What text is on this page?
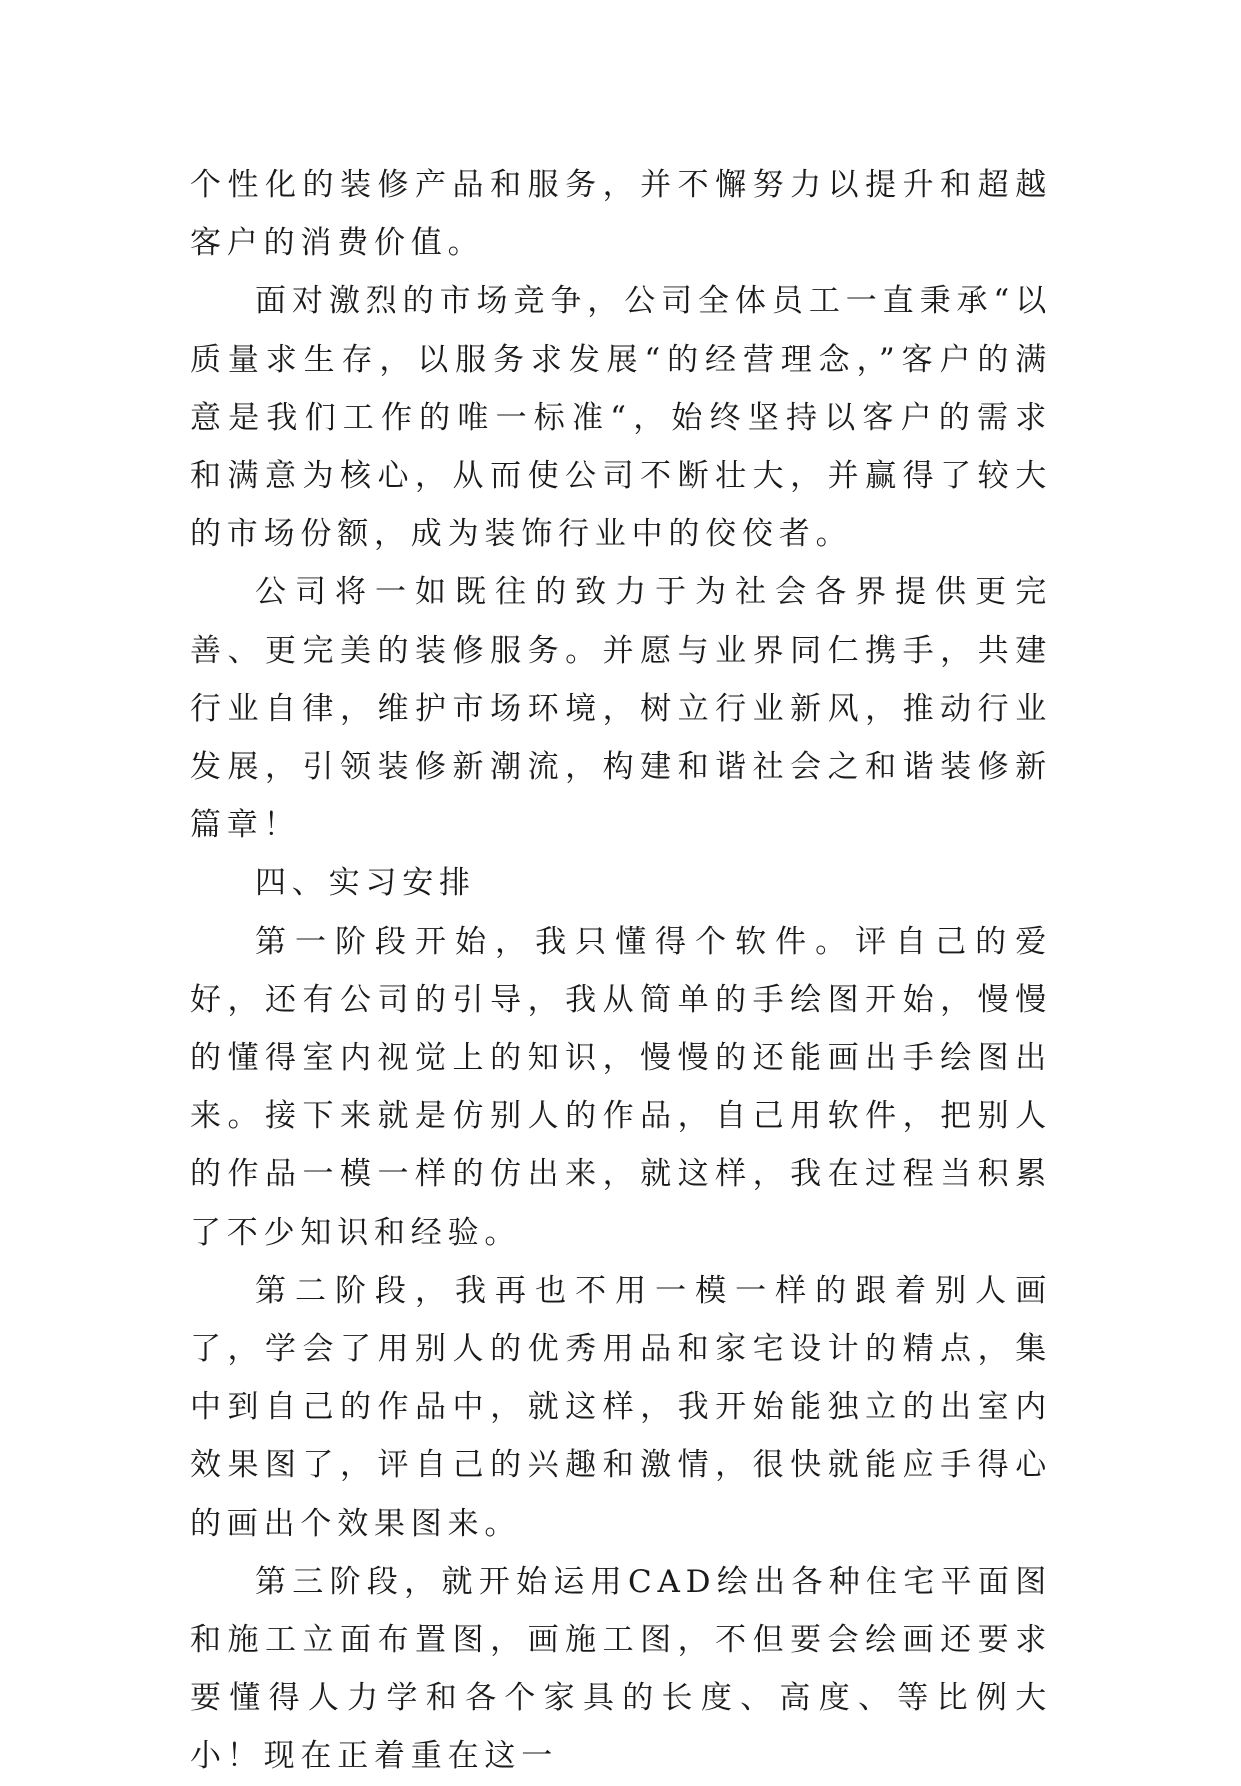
个性化的装修产品和服务，并不懈努力以提升和超越客户的消费价值。

面对激烈的市场竞争，公司全体员工一直秉承“以质量求生存，以服务求发展“的经营理念，”客户的满意是我们工作的唯一标准“，始终坚持以客户的需求和满意为核心，从而使公司不断壮大，并赢得了较大的市场份额，成为装饰行业中的佼佼者。

公司将一如既往的致力于为社会各界提供更完善、更完美的装修服务。并愿与业界同仁携手，共建行业自律，维护市场环境，树立行业新风，推动行业发展，引领装修新潮流，构建和谐社会之和谐装修新篇章！

四、实习安排

第一阶段开始，我只懂得个软件。评自己的爱好，还有公司的引导，我从简单的手绘图开始，慢慢的懂得室内视觉上的知识，慢慢的还能画出手绘图出来。接下来就是仿别人的作品，自己用软件，把别人的作品一模一样的仿出来，就这样，我在过程当积累了不少知识和经验。

第二阶段，我再也不用一模一样的跟着别人画了，学会了用别人的优秀用品和家宅设计的精点，集中到自己的作品中，就这样，我开始能独立的出室内效果图了，评自己的兴趣和激情，很快就能应手得心的画出个效果图来。

第三阶段，就开始运用CAD绘出各种住宅平面图和施工立面布置图，画施工图，不但要会绘画还要求要懂得人力学和各个家具的长度、高度、等比例大小！现在正着重在这一
